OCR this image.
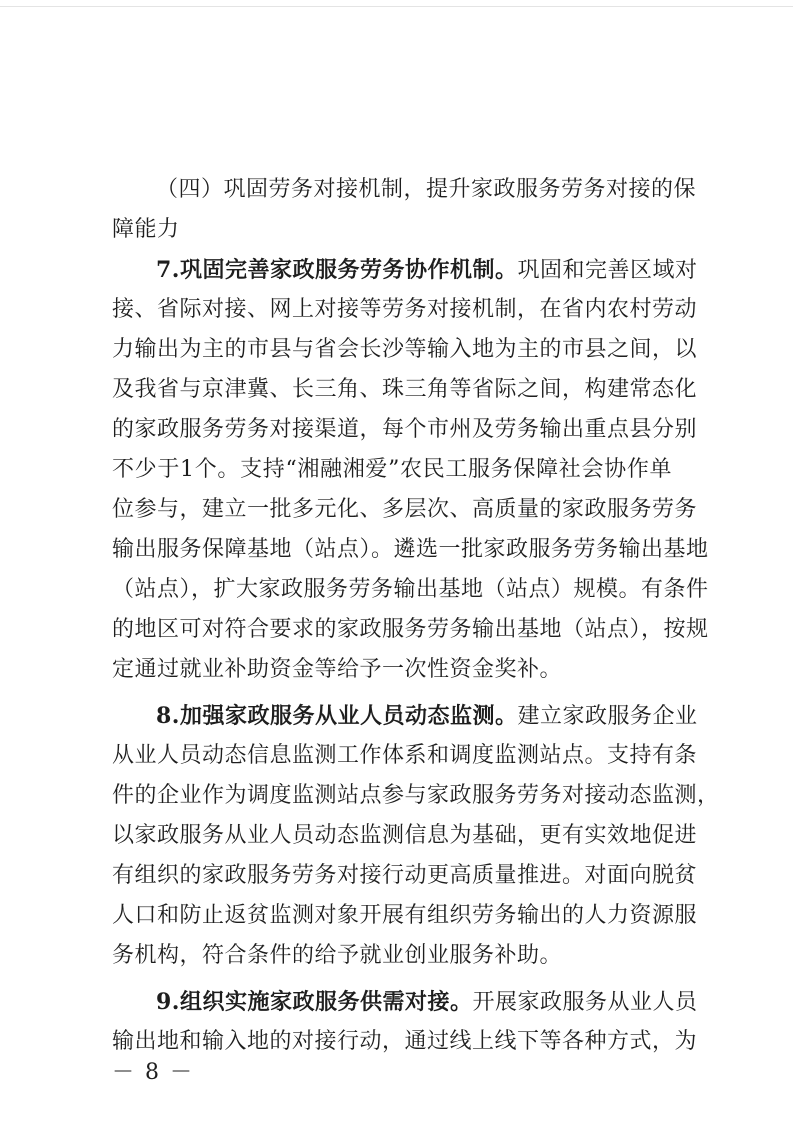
（四）巩固劳务对接机制，提升家政服务劳务对接的保
障能力
7.巩固完善家政服务劳务协作机制。巩固和完善区域对
接、省际对接、网上对接等劳务对接机制，在省内农村劳动
力输出为主的市县与省会长沙等输入地为主的市县之间，以
及我省与京津冀、长三角、珠三角等省际之间，构建常态化
的家政服务劳务对接渠道，每个市州及劳务输出重点县分别
不少于1个。支持“湘融湘爱”农民工服务保障社会协作单
位参与，建立一批多元化、多层次、高质量的家政服务劳务
输出服务保障基地（站点）。遴选一批家政服务劳务输出基地
（站点），扩大家政服务劳务输出基地（站点）规模。有条件
的地区可对符合要求的家政服务劳务输出基地（站点），按规
定通过就业补助资金等给予一次性资金奖补。
8.加强家政服务从业人员动态监测。建立家政服务企业
从业人员动态信息监测工作体系和调度监测站点。支持有条
件的企业作为调度监测站点参与家政服务劳务对接动态监测，
以家政服务从业人员动态监测信息为基础，更有实效地促进
有组织的家政服务劳务对接行动更高质量推进。对面向脱贫
人口和防止返贫监测对象开展有组织劳务输出的人力资源服
务机构，符合条件的给予就业创业服务补助。
9.组织实施家政服务供需对接。开展家政服务从业人员
输出地和输入地的对接行动，通过线上线下等各种方式，为
－ 8 －
